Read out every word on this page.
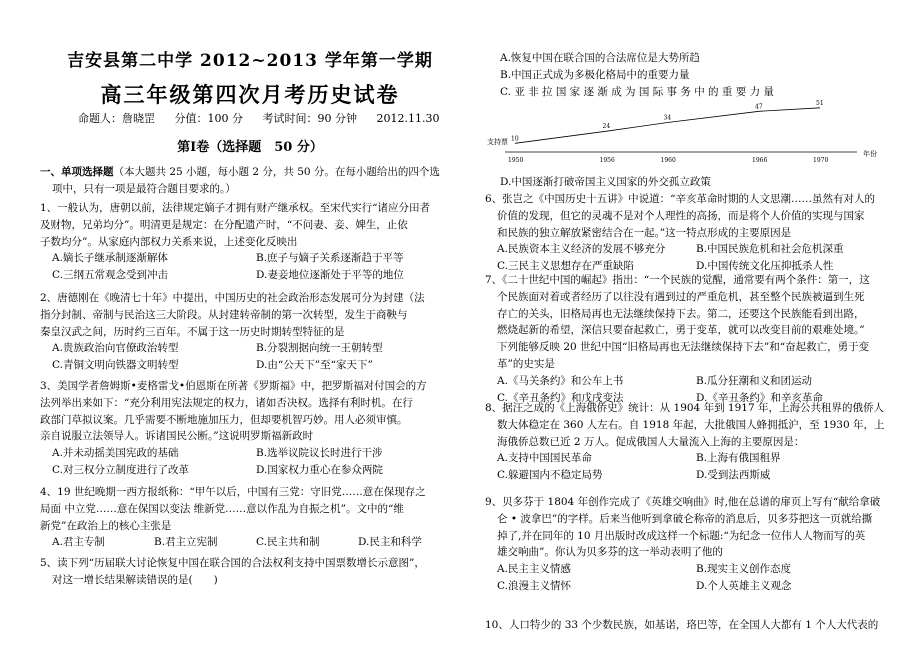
吉安县第二中学 2012~2013 学年第一学期
高三年级第四次月考历史试卷
命题人：詹晓罡 分值：100 分 考试时间：90 分钟 2012.11.30
第Ⅰ卷（选择题　50 分）
一、单项选择题（本大题共 25 小题，每小题 2 分，共 50 分。在每小题给出的四个选
项中，只有一项是最符合题目要求的。）
1、一般认为，唐朝以前，法律规定嫡子才拥有财产继承权。至宋代实行“诸应分田者
及财物，兄弟均分”。明清更是规定：在分配遗产时，“不问妻、妾、婢生，止依
子数均分”。从家庭内部权力关系来说，上述变化反映出
A.嫡长子继承制逐渐解体	B.庶子与嫡子关系逐渐趋于平等
C.三纲五常观念受到冲击	D.妻妾地位逐渐处于平等的地位
2、唐德刚在《晚清七十年》中提出，中国历史的社会政治形态发展可分为封建（法
指分封制、帝制与民治这三大阶段。从封建转帝制的第一次转型，发生于商鞅与
秦皇汉武之间，历时约三百年。不属于这一历史时期转型特征的是
A.贵族政治向官僚政治转型	B.分裂割据向统一王朝转型
C.青铜文明向铁器文明转型	D.由“公天下”至“家天下”
3、美国学者詹姆斯•麦格雷戈•伯恩斯在所著《罗斯福》中，把罗斯福对付国会的方
法列举出来如下：“充分利用宪法规定的权力，诸如否决权。选择有利时机。在行
政部门草拟议案。几乎需要不断地施加压力，但却要机智巧妙。用人必须审慎。
亲自说服立法领导人。诉诸国民公断。”这说明罗斯福新政时
A.并未动摇美国宪政的基础	B.选举议院议长时进行干涉
C.对三权分立制度进行了改革	D.国家权力重心在参众两院
4、19 世纪晚期一西方报纸称：“甲午以后，中国有三党：守旧党……意在保现存之
局面 中立党……意在保国以变法 维新党……意以作乱为自振之机”。文中的“维
新党”在政治上的核心主张是
A.君主专制	B.君主立宪制	C.民主共和制	D.民主和科学
5、读下列“历届联大讨论恢复中国在联合国的合法权利支持中国票数增长示意图”，
对这一增长结果解读错误的是(　　)
A.恢复中国在联合国的合法席位是大势所趋
B.中国正式成为多极化格局中的重要力量
C. 亚 非 拉 国 家 逐 渐 成 为 国 际 事 务 中 的 重 要 力 量
支持票
年份
10
1950
24
1956
34
1960
47
1966
51
1970
D.中国逐渐打破帝国主义国家的外交孤立政策
6、张岂之《中国历史十五讲》中说道：“辛亥革命时期的人文思潮……虽然有对人的
价值的发现，但它的灵魂不是对个人理性的高扬，而是将个人价值的实现与国家
和民族的独立解放紧密结合在一起。”这一特点形成的主要原因是
A.民族资本主义经济的发展不够充分	B.中国民族危机和社会危机深重
C.三民主义思想存在严重缺陷	D.中国传统文化压抑抵杀人性
7、《二十世纪中国的崛起》指出：“一个民族的觉醒，通常要有两个条件：第一，这
个民族面对着或者经历了以往没有遇到过的严重危机，甚至整个民族被逼到生死
存亡的关头，旧格局再也无法继续保持下去。第二，还要这个民族能看到出路，
燃烧起新的希望，深信只要奋起救亡，勇于变革，就可以改变目前的艰难处境。”
下列能够反映 20 世纪中国“旧格局再也无法继续保持下去”和“奋起救亡，勇于变
革”的史实是
A.《马关条约》和公车上书	B.瓜分狂潮和义和团运动
C.《辛丑条约》和戊戌变法	D.《辛丑条约》和辛亥革命
8、据汪之成的《上海俄侨史》统计：从 1904 年到 1917 年，上海公共租界的俄侨人
数大体稳定在 360 人左右。自 1918 年起，大批俄国人蜂拥抵沪，至 1930 年，上
海俄侨总数已近 2 万人。促成俄国人大量流入上海的主要原因是：
A.支持中国国民革命	B.上海有俄国租界
C.躲避国内不稳定局势	D.受到法西斯威
9、贝多芬于 1804 年创作完成了《英雄交响曲》时,他在总谱的扉页上写有“献给拿破
仑 • 波拿巴”的字样。后来当他听到拿破仑称帝的消息后，贝多芬把这一页就给撕
掉了,并在同年的 10 月出版时改成这样一个标题:“为纪念一位伟人人物而写的英
雄交响曲”。你认为贝多芬的这一举动表明了他的
A.民主主义情感	B.现实主义创作态度
C.浪漫主义情怀	D.个人英雄主义观念
10、人口特少的 33 个少数民族，如基诺，珞巴等，在全国人大都有 1 个人大代表的
